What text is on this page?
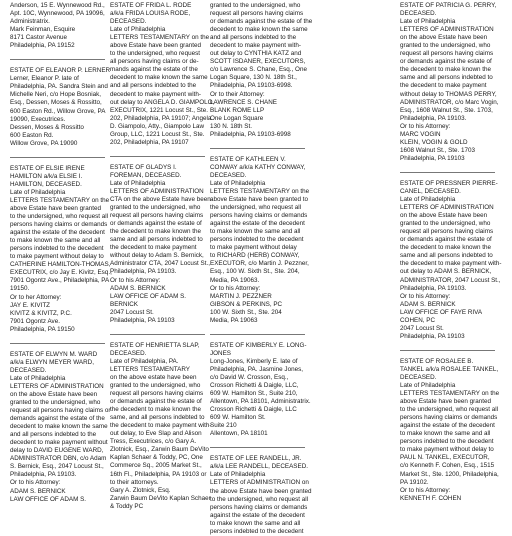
Anderson, 15 E. Wynnewood Rd.,
Apt. 10C, Wynnewood, PA 19096,
Administratrix.
Mark Feinman, Esquire
8171 Castor Avenue
Philadelphia, PA 19152
ESTATE OF ELEANOR P. LERNER
Lerner, Eleanor P. late of
Philadelphia, PA. Sandra Stein and
Michelle Neri, c/o Hope Bosniak,
Esq., Dessen, Moses & Rossitto,
600 Easton Rd., Willow Grove, PA
19090, Executrices.
Dessen, Moses & Rossitto
600 Easton Rd.
Willow Grove, PA 19090
ESTATE OF ELSIE IRENE
HAMILTON a/k/a ELSIE I.
HAMILTON, DECEASED.
Late of Philadelphia
LETTERS TESTAMENTARY on the
above Estate have been granted
to the undersigned, who request all
persons having claims or demands
against the estate of the decedent
to make known the same and all
persons indebted to the decedent
to make payment without delay to
CATHERINE HAMILTON-THOMAS,
EXECUTRIX, c/o Jay E. Kivitz, Esq.,
7901 Ogontz Ave., Philadelphia, PA
19150.
Or to her Attorney:
JAY E. KIVITZ
KIVITZ & KIVITZ, P.C.
7901 Ogontz Ave.
Philadelphia, PA 19150
ESTATE OF ELWYN M. WARD
a/k/a ELWYN MEYER WARD,
DECEASED.
Late of Philadelphia
LETTERS OF ADMINISTRATION
on the above Estate have been
granted to the undersigned, who
request all persons having claims or
demands against the estate of the
decedent to make known the same
and all persons indebted to the
decedent to make payment without
delay to DAVID EUGENE WARD,
ADMINISTRATOR DBN, c/o Adam
S. Bernick, Esq., 2047 Locust St.,
Philadelphia, PA 19103.
Or to his Attorney:
ADAM S. BERNICK
LAW OFFICE OF ADAM S.
ESTATE OF FRIDA L. RODE
a/k/a FRIDA LOUISA RODE,
DECEASED.
Late of Philadelphia
LETTERS TESTAMENTARY on the
above Estate have been granted
to the undersigned, who request
all persons having claims or de-
mands against the estate of the
decedent to make known the same
and all persons indebted to the
decedent to make payment with-
out delay to ANGELA D. GIAMPOLO,
EXECUTRIX, 1221 Locust St., Ste.
202, Philadelphia, PA 19107; Angela
D. Giampolo, Atty., Giampolo Law
Group, LLC, 1221 Locust St., Ste.
202, Philadelphia, PA 19107
ESTATE OF GLADYS I.
FOREMAN, DECEASED.
Late of Philadelphia
LETTERS OF ADMINISTRATION
CTA on the above Estate have been
granted to the undersigned, who
request all persons having claims
or demands against the estate of
the decedent to make known the
same and all persons indebted to
the decedent to make payment
without delay to Adam S. Bernick,
Administrator CTA, 2047 Locust St.,
Philadelphia, PA 19103.
Or to his Attorney:
ADAM S. BERNICK
LAW OFFICE OF ADAM S.
BERNICK
2047 Locust St.
Philadelphia, PA 19103
ESTATE OF HENRIETTA SLAP,
DECEASED.
Late of Philadelphia, PA.
LETTERS TESTAMENTARY
on the above estate have been
granted to the undersigned, who
request all persons having claims
or demands against the estate of
the decedent to make known the
same, and all persons indebted to
the decedent to make payment with-
out delay, to Eve Slap and Alison
Tress, Executrices, c/o Gary A.
Zlotnick, Esq., Zarwin Baum DeVito
Kaplan Schaer & Toddy, PC, One
Commerce Sq., 2005 Market St.,
16th Fl., Philadelphia, PA 19103 or
to their attorneys.
Gary A. Zlotnick, Esq.
Zarwin Baum DeVito Kaplan Schaer
& Toddy PC
granted to the undersigned, who
request all persons having claims
or demands against the estate of the
decedent to make known the same
and all persons indebted to the
decedent to make payment with-
out delay to CYNTHIA KATZ and
SCOTT ISDANER, EXECUTORS,
c/o Lawrence S. Chane, Esq., One
Logan Square, 130 N. 18th St.,
Philadelphia, PA 19103-6998.
Or to their Attorney:
LAWRENCE S. CHANE
BLANK ROME LLP
One Logan Square
130 N. 18th St.
Philadelphia, PA 19103-6998
ESTATE OF KATHLEEN V.
CONWAY a/k/a KATHY CONWAY,
DECEASED.
Late of Philadelphia
LETTERS TESTAMENTARY on the
above Estate have been granted to
the undersigned, who request all
persons having claims or demands
against the estate of the decedent
to make known the same and all
persons indebted to the decedent
to make payment without delay
to RICHARD (HERB) CONWAY,
EXECUTOR, c/o Martin J. Pezzner,
Esq., 100 W. Sixth St., Ste. 204,
Media, PA 19063.
Or to his Attorney:
MARTIN J. PEZZNER
GIBSON & PERKINS, PC
100 W. Sixth St., Ste. 204
Media, PA 19063
ESTATE OF KIMBERLY E. LONG-
JONES
Long-Jones, Kimberly E. late of
Philadelphia, PA. Jasmine Jones,
c/o David W. Crosson, Esq.,
Crosson Richetti & Daigle, LLC,
609 W. Hamilton St., Suite 210,
Allentown, PA 18101, Administratrix.
Crosson Richetti & Daigle, LLC
609 W. Hamilton St.
Suite 210
Allentown, PA 18101
ESTATE OF LEE RANDELL, JR.
a/k/a LEE RANDELL, DECEASED.
Late of Philadelphia
LETTERS of ADMINISTRATION on
the above Estate have been granted
to the undersigned, who request all
persons having claims or demands
against the estate of the decedent
to make known the same and all
persons indebted to the decedent
ESTATE OF PATRICIA G. PERRY,
DECEASED.
Late of Philadelphia
LETTERS OF ADMINISTRATION
on the above Estate have been
granted to the undersigned, who
request all persons having claims
or demands against the estate of
the decedent to make known the
same and all persons indebted to
the decedent to make payment
without delay to THOMAS PERRY,
ADMINISTRATOR, c/o Marc Vogin,
Esq., 1608 Walnut St., Ste. 1703,
Philadelphia, PA 19103.
Or to his Attorney:
MARC VOGIN
KLEIN, VOGIN & GOLD
1608 Walnut St., Ste. 1703
Philadelphia, PA 19103
ESTATE OF PRESSNER PIERRE-
CANEL, DECEASED.
Late of Philadelphia
LETTERS OF ADMINISTRATION
on the above Estate have been
granted to the undersigned, who
request all persons having claims
or demands against the estate of
the decedent to make known the
same and all persons indebted to
the decedent to make payment with-
out delay to ADAM S. BERNICK,
ADMINISTRATOR, 2047 Locust St.,
Philadelphia, PA 19103.
Or to his Attorney:
ADAM S. BERNICK
LAW OFFICE OF FAYE RIVA
COHEN, PC
2047 Locust St.
Philadelphia, PA 19103
ESTATE OF ROSALEE B.
TANKEL a/k/a ROSALEE TANKEL,
DECEASED.
Late of Philadelphia
LETTERS TESTAMENTARY on the
above Estate have been granted
to the undersigned, who request all
persons having claims or demands
against the estate of the decedent
to make known the same and all
persons indebted to the decedent
to make payment without delay to
PAUL N. TANKEL, EXECUTOR,
c/o Kenneth F. Cohen, Esq., 1515
Market St., Ste. 1200, Philadelphia,
PA 19102.
Or to his Attorney:
KENNETH F. COHEN
